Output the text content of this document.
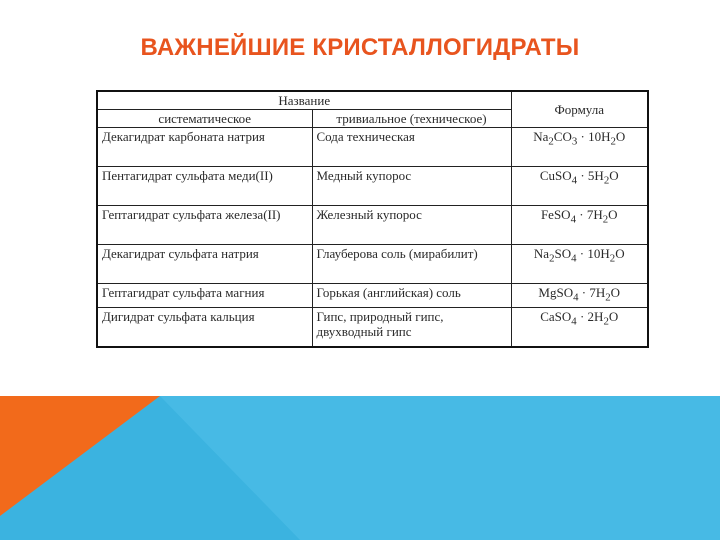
ВАЖНЕЙШИЕ КРИСТАЛЛОГИДРАТЫ
Название		Формула
систематическое	тривиальное (техническое)	
Декагидрат карбоната натрия	Сода техническая	$Na_2CO_3 \cdot 10H_2O$
Пентагидрат сульфата меди(II)	Медный купорос	CuSO$_4$ · $5H_2O$
Гептагидрат сульфата железа(II)	Железный купорос	FeSO$_4$ · $7H_2O$
Декагидрат сульфата натрия	Глауберова соль (мирабилит)	$Na_2SO_4 \cdot 10H_2O$
Гептагидрат сульфата магния	Горькая (английская) соль	MgSO$_4$ · $7H_2O$
Дигидрат сульфата кальция	Гипс, природный гипс, двухводный гипс	CaSO$_4$ · $2H_2O$
